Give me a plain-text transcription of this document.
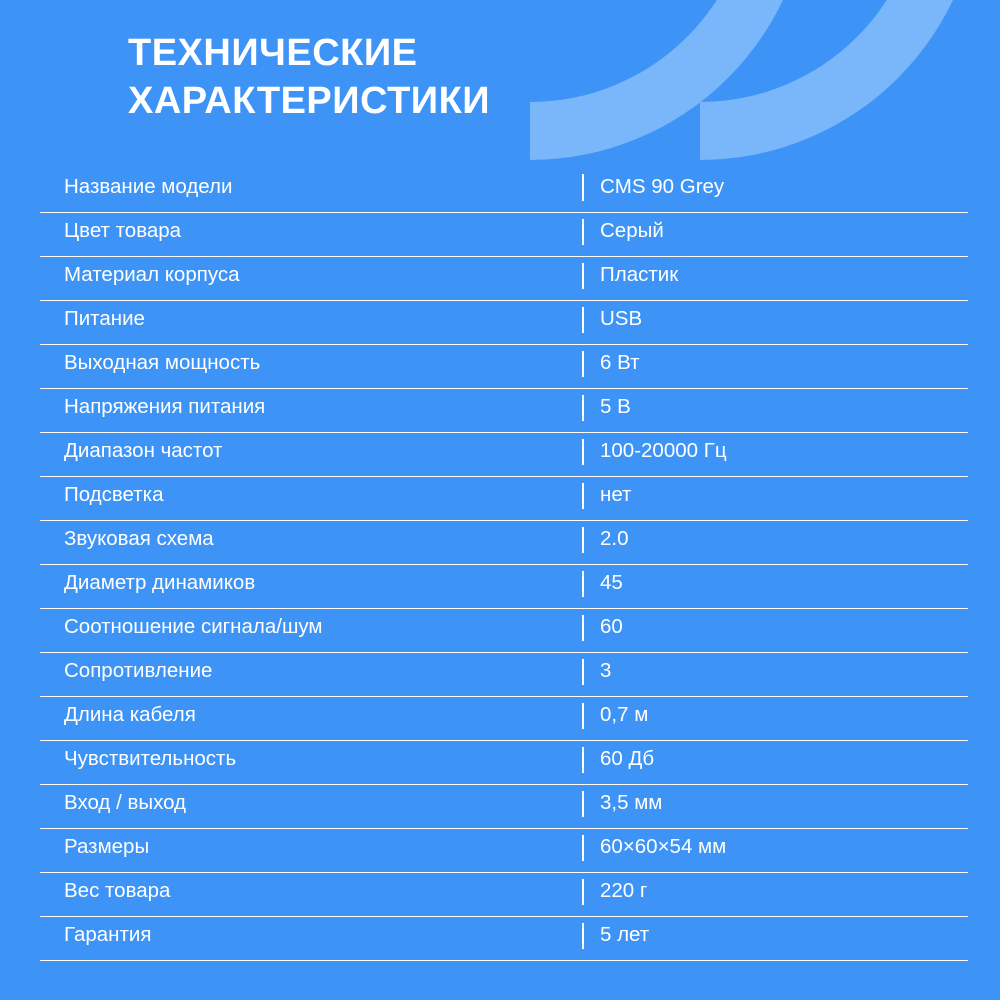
ТЕХНИЧЕСКИЕ
ХАРАКТЕРИСТИКИ
Название модели		CMS 90 Grey
Цвет товара		Серый
Материал корпуса		Пластик
Питание		USB
Выходная мощность		6 Вт
Напряжения питания		5 В
Диапазон частот		100-20000 Гц
Подсветка		нет
Звуковая схема		2.0
Диаметр динамиков		45
Соотношение сигнала/шум		60
Сопротивление		3
Длина кабеля		0,7 м
Чувствительность		60 Дб
Вход / выход		3,5 мм
Размеры		60×60×54 мм
Вес товара		220 г
Гарантия		5 лет
